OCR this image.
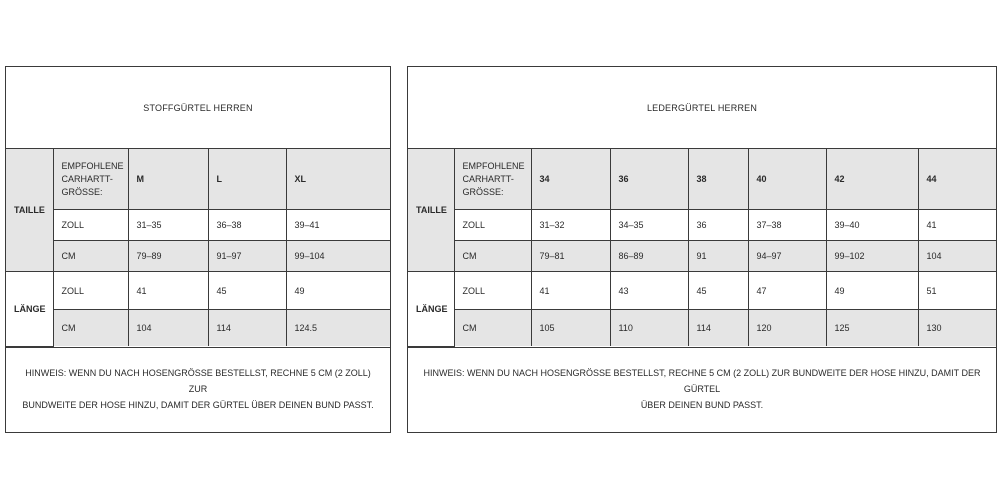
STOFFGÜRTEL HERREN
TAILLE	EMPFOHLENE
CARHARTT-
GRÖSSE:	M	L	XL
	ZOLL	31–35	36–38	39–41
	CM	79–89	91–97	99–104
LÄNGE	ZOLL	41	45	49
	CM	104	114	124.5
HINWEIS: WENN DU NACH HOSENGRÖSSE BESTELLST, RECHNE 5 CM (2 ZOLL) ZUR
BUNDWEITE DER HOSE HINZU, DAMIT DER GÜRTEL ÜBER DEINEN BUND PASST.
LEDERGÜRTEL HERREN
TAILLE	EMPFOHLENE
CARHARTT-
GRÖSSE:	34	36	38	40	42	44
	ZOLL	31–32	34–35	36	37–38	39–40	41
	CM	79–81	86–89	91	94–97	99–102	104
LÄNGE	ZOLL	41	43	45	47	49	51
	CM	105	110	114	120	125	130
HINWEIS: WENN DU NACH HOSENGRÖSSE BESTELLST, RECHNE 5 CM (2 ZOLL) ZUR BUNDWEITE DER HOSE HINZU, DAMIT DER GÜRTEL
ÜBER DEINEN BUND PASST.
